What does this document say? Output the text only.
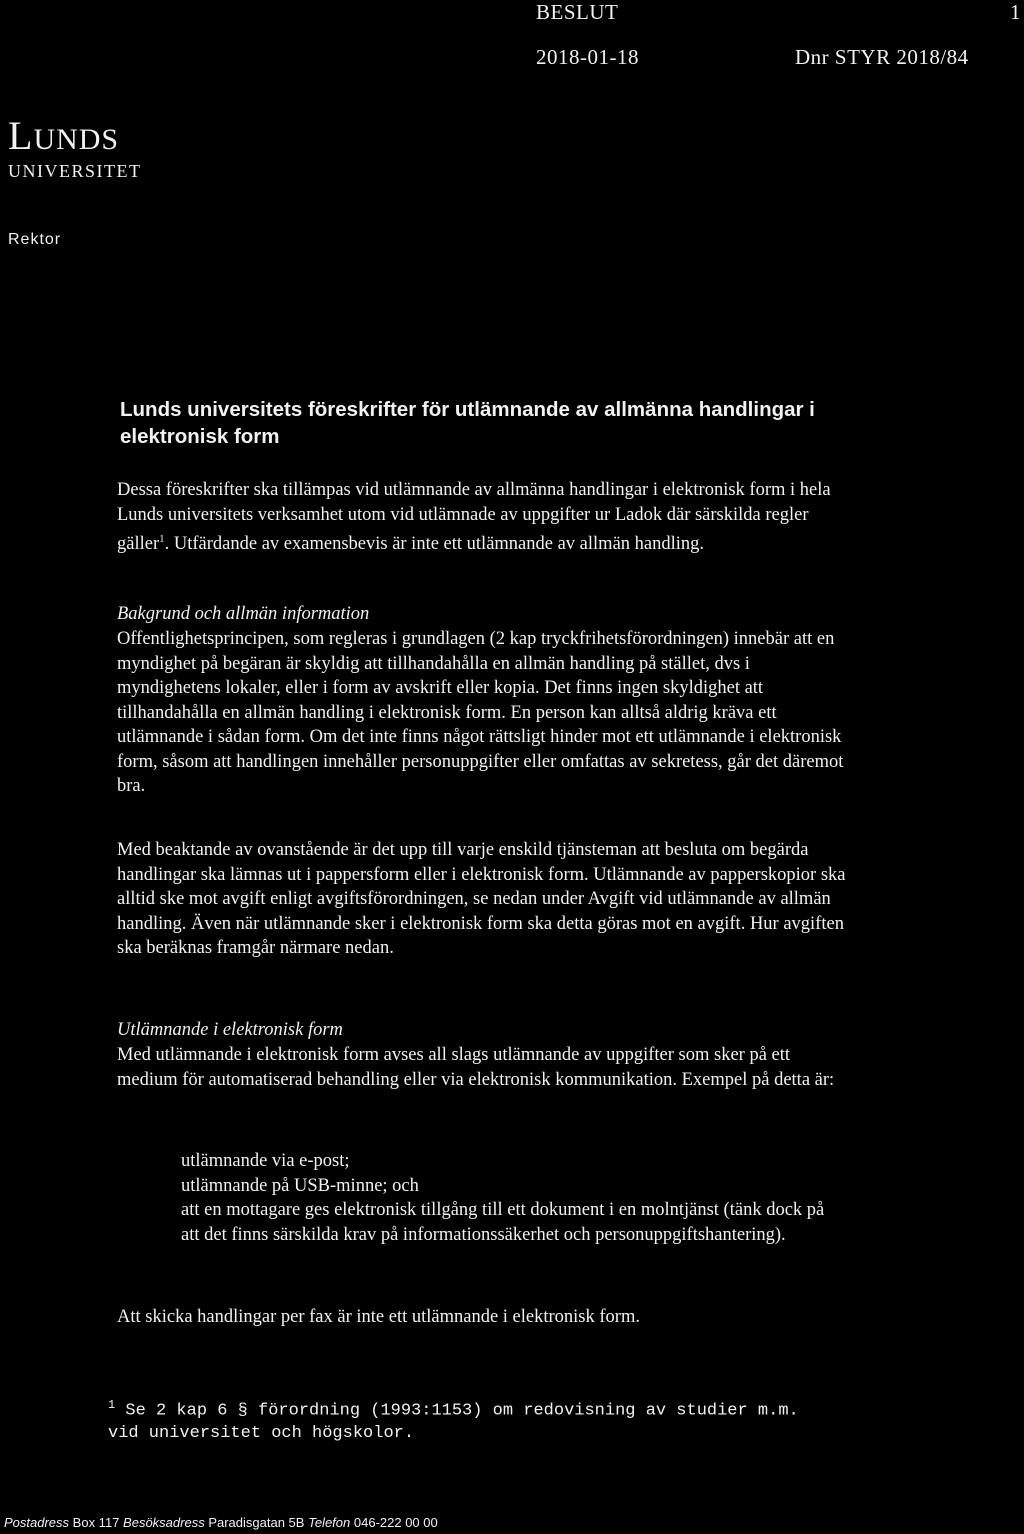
BESLUT	1
2018-01-18	Dnr STYR 2018/84
LUNDS
UNIVERSITET
Rektor
Lunds universitets föreskrifter för utlämnande av allmänna handlingar i elektronisk form
Dessa föreskrifter ska tillämpas vid utlämnande av allmänna handlingar i elektronisk form i hela Lunds universitets verksamhet utom vid utlämnade av uppgifter ur Ladok där särskilda regler gäller$^1$. Utfärdande av examensbevis är inte ett utlämnande av allmän handling.
Bakgrund och allmän information
Offentlighetsprincipen, som regleras i grundlagen (2 kap tryckfrihetsförordningen) innebär att en myndighet på begäran är skyldig att tillhandahålla en allmän handling på stället, dvs i myndighetens lokaler, eller i form av avskrift eller kopia. Det finns ingen skyldighet att tillhandahålla en allmän handling i elektronisk form. En person kan alltså aldrig kräva ett utlämnande i sådan form. Om det inte finns något rättsligt hinder mot ett utlämnande i elektronisk form, såsom att handlingen innehåller personuppgifter eller omfattas av sekretess, går det däremot bra.
Med beaktande av ovanstående är det upp till varje enskild tjänsteman att besluta om begärda handlingar ska lämnas ut i pappersform eller i elektronisk form. Utlämnande av papperskopior ska alltid ske mot avgift enligt avgiftsförordningen, se nedan under Avgift vid utlämnande av allmän handling. Även när utlämnande sker i elektronisk form ska detta göras mot en avgift. Hur avgiften ska beräknas framgår närmare nedan.
Utlämnande i elektronisk form
Med utlämnande i elektronisk form avses all slags utlämnande av uppgifter som sker på ett medium för automatiserad behandling eller via elektronisk kommunikation. Exempel på detta är:
utlämnande via e-post;
utlämnande på USB-minne; och
att en mottagare ges elektronisk tillgång till ett dokument i en molntjänst (tänk dock på att det finns särskilda krav på informationssäkerhet och personuppgiftshantering).
Att skicka handlingar per fax är inte ett utlämnande i elektronisk form.
$^1$ Se 2 kap 6 § förordning (1993:1153) om redovisning av studier m.m. vid universitet och högskolor.
Postadress Box 117 Besöksadress Paradisgatan 5B Telefon 046-222 00 00
